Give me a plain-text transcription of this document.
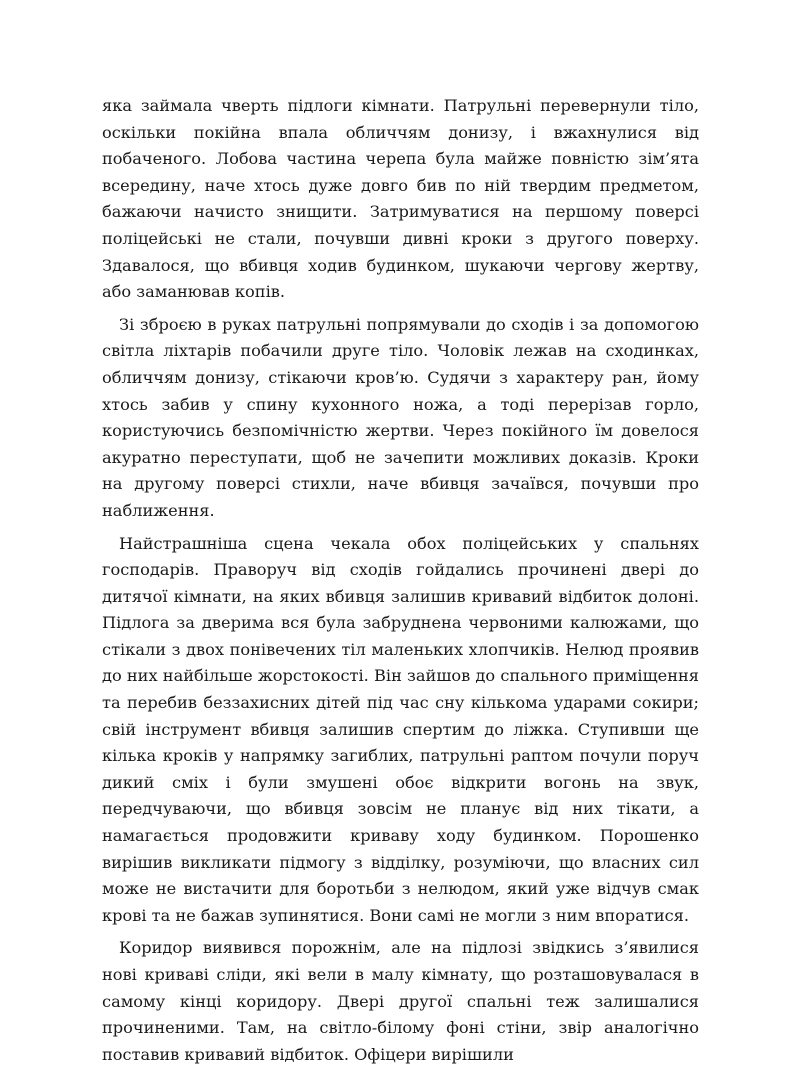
яка займала чверть підлоги кімнати. Патрульні перевернули тіло, оскільки покійна впала обличчям донизу, і вжахнулися від побаченого. Лобова частина черепа була майже повністю зім’ята всередину, наче хтось дуже довго бив по ній твердим предметом, бажаючи начисто знищити. Затримуватися на першому поверсі поліцейські не стали, почувши дивні кроки з другого поверху. Здавалося, що вбивця ходив будинком, шукаючи чергову жертву, або заманював копів.

Зі зброєю в руках патрульні попрямували до сходів і за допомогою світла ліхтарів побачили друге тіло. Чоловік лежав на сходинках, обличчям донизу, стікаючи кров’ю. Судячи з характеру ран, йому хтось забив у спину кухонного ножа, а тоді перерізав горло, користуючись безпомічністю жертви. Через покійного їм довелося акуратно переступати, щоб не зачепити можливих доказів. Кроки на другому поверсі стихли, наче вбивця зачаївся, почувши про наближення.

Найстрашніша сцена чекала обох поліцейських у спальнях господарів. Праворуч від сходів гойдались прочинені двері до дитячої кімнати, на яких вбивця залишив кривавий відбиток долоні. Підлога за дверима вся була забруднена червоними калюжами, що стікали з двох понівечених тіл маленьких хлопчиків. Нелюд проявив до них найбільше жорстокості. Він зайшов до спального приміщення та перебив беззахисних дітей під час сну кількома ударами сокири; свій інструмент вбивця залишив спертим до ліжка. Ступивши ще кілька кроків у напрямку загиблих, патрульні раптом почули поруч дикий сміх і були змушені обоє відкрити вогонь на звук, передчуваючи, що вбивця зовсім не планує від них тікати, а намагається продовжити криваву ходу будинком. Порошенко вирішив викликати підмогу з відділку, розуміючи, що власних сил може не вистачити для боротьби з нелюдом, який уже відчув смак крові та не бажав зупинятися. Вони самі не могли з ним впоратися.

Коридор виявився порожнім, але на підлозі звідкись з’явилися нові криваві сліди, які вели в малу кімнату, що розташовувалася в самому кінці коридору. Двері другої спальні теж залишалися прочиненими. Там, на світло-білому фоні стіни, звір аналогічно поставив кривавий відбиток. Офіцери вирішили
